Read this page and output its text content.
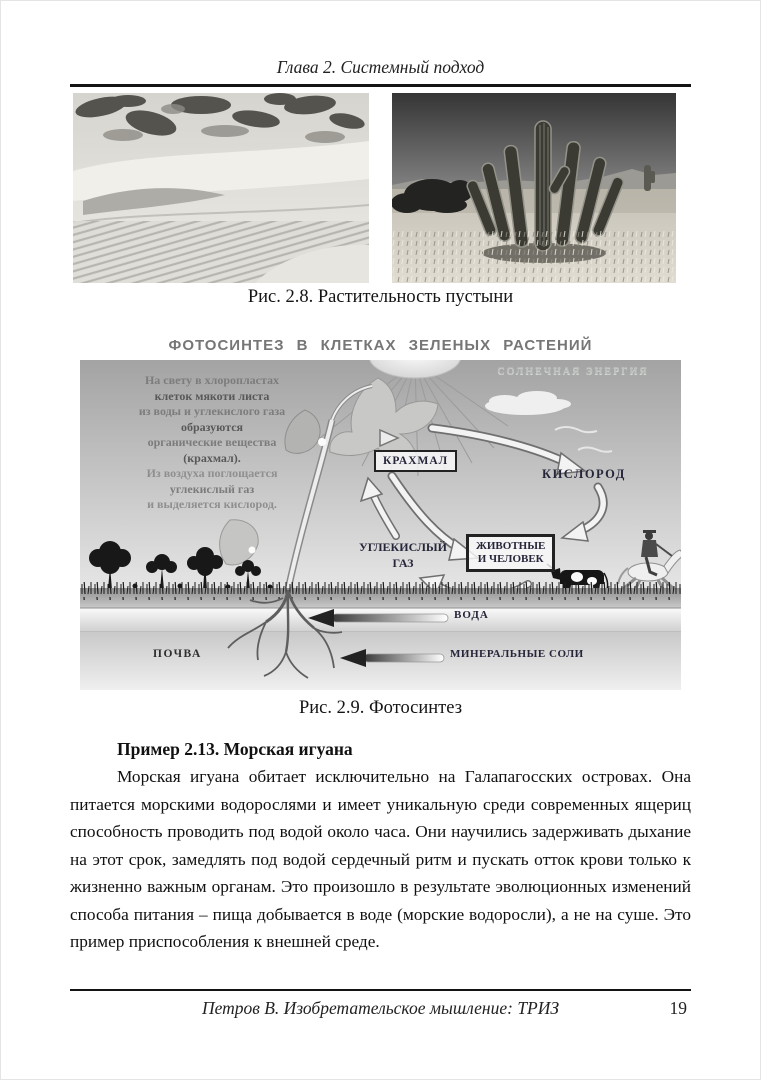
Глава 2. Системный подход
Рис. 2.8. Растительность пустыни
ФОТОСИНТЕЗ В КЛЕТКАХ ЗЕЛЕНЫХ РАСТЕНИЙ
СОЛНЕЧНАЯ ЭНЕРГИЯ
На свету в хлоропластах
клеток мякоти листа
из воды и углекислого газа
образуются
органические вещества
(крахмал).
Из воздуха поглощается
углекислый газ
и выделяется кислород.
КРАХМАЛ
КИСЛОРОД
ЖИВОТНЫЕ
И ЧЕЛОВЕК
УГЛЕКИСЛЫЙ
ГАЗ
ВОДА
ПОЧВА	МИНЕРАЛЬНЫЕ СОЛИ
Рис. 2.9. Фотосинтез
Пример 2.13. Морская игуана

Морская игуана обитает исключительно на Галапагосских островах. Она питается морскими водорослями и имеет уникальную среди современных ящериц способность проводить под водой около часа. Они научились задерживать дыхание на этот срок, замедлять под водой сердечный ритм и пускать отток крови только к жизненно важным органам. Это произошло в результате эволюционных изменений способа питания – пища добывается в воде (морские водоросли), а не на суше. Это пример приспособления к внешней среде.

Петров В. Изобретательское мышление: ТРИЗ	19
